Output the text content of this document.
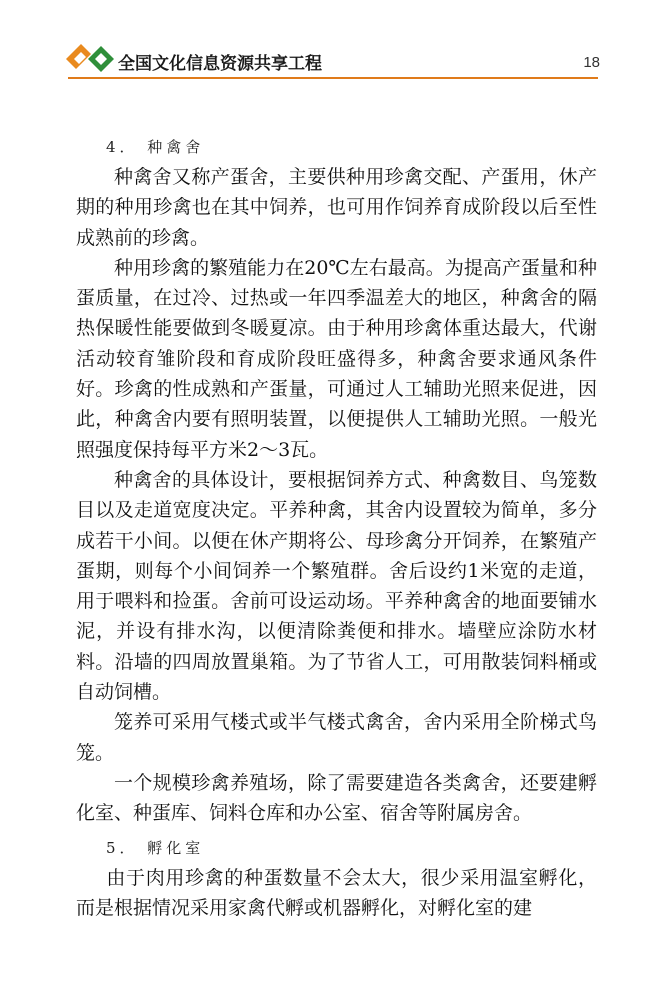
全国文化信息资源共享工程	18
4． 种禽舍

种禽舍又称产蛋舍，主要供种用珍禽交配、产蛋用，休产期的种用珍禽也在其中饲养，也可用作饲养育成阶段以后至性成熟前的珍禽。

种用珍禽的繁殖能力在20℃左右最高。为提高产蛋量和种蛋质量，在过冷、过热或一年四季温差大的地区，种禽舍的隔热保暖性能要做到冬暖夏凉。由于种用珍禽体重达最大，代谢活动较育雏阶段和育成阶段旺盛得多，种禽舍要求通风条件好。珍禽的性成熟和产蛋量，可通过人工辅助光照来促进，因此，种禽舍内要有照明装置，以便提供人工辅助光照。一般光照强度保持每平方米2～3瓦。

种禽舍的具体设计，要根据饲养方式、种禽数目、鸟笼数目以及走道宽度决定。平养种禽，其舍内设置较为简单，多分成若干小间。以便在休产期将公、母珍禽分开饲养，在繁殖产蛋期，则每个小间饲养一个繁殖群。舍后设约1米宽的走道，用于喂料和捡蛋。舍前可设运动场。平养种禽舍的地面要铺水泥，并设有排水沟，以便清除粪便和排水。墙壁应涂防水材料。沿墙的四周放置巢箱。为了节省人工，可用散装饲料桶或自动饲槽。

笼养可采用气楼式或半气楼式禽舍，舍内采用全阶梯式鸟笼。

一个规模珍禽养殖场，除了需要建造各类禽舍，还要建孵化室、种蛋库、饲料仓库和办公室、宿舍等附属房舍。

5． 孵化室

由于肉用珍禽的种蛋数量不会太大，很少采用温室孵化，而是根据情况采用家禽代孵或机器孵化，对孵化室的建
